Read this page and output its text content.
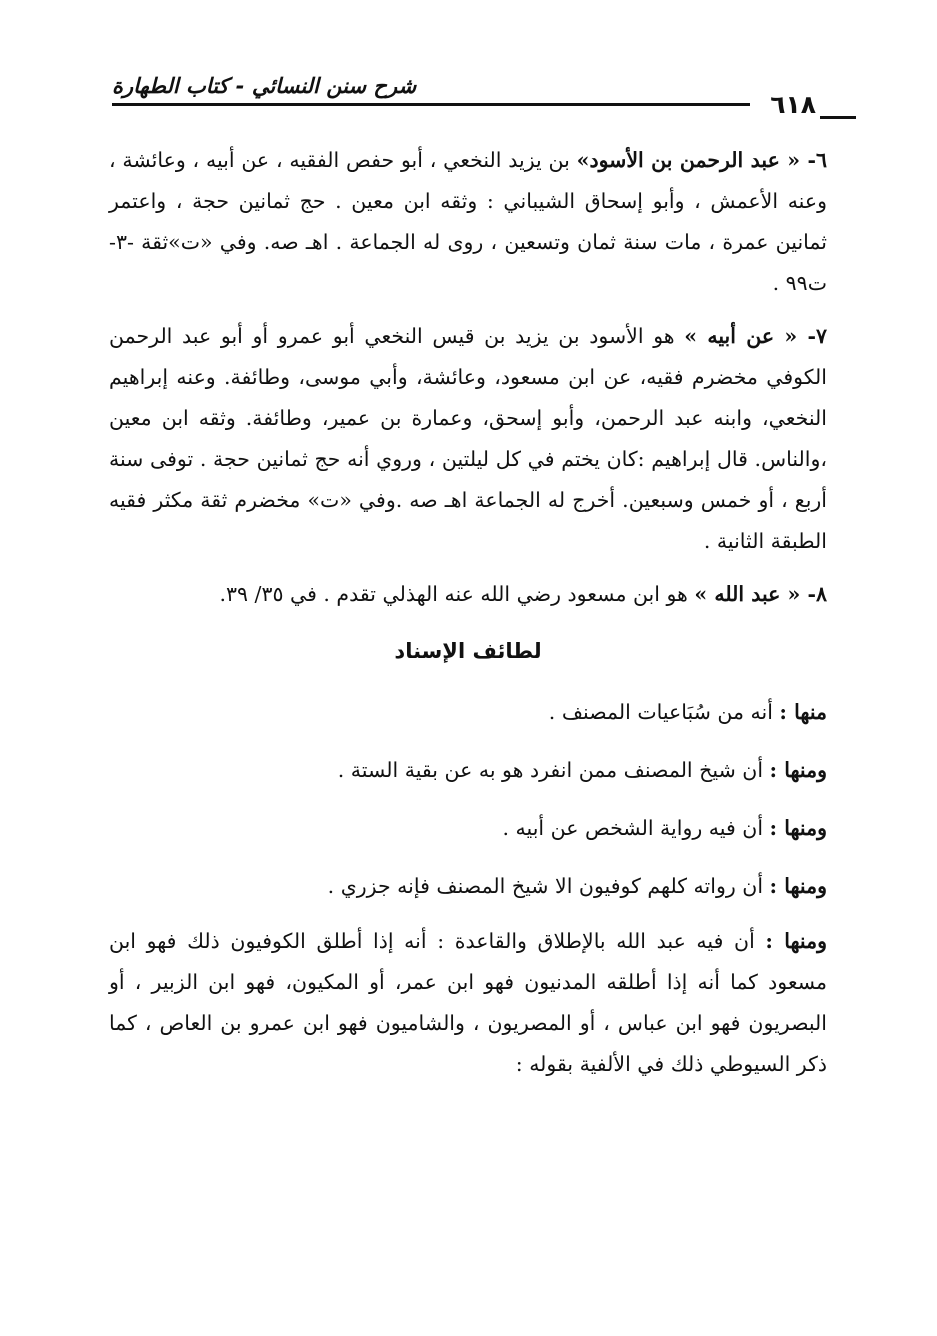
شرح سنن النسائي - كتاب الطهارة
٦١٨

٦- « عبد الرحمن بن الأسود» بن يزيد النخعي ، أبو حفص الفقيه ، عن أبيه ، وعائشة ، وعنه الأعمش ، وأبو إسحاق الشيباني : وثقه ابن معين . حج ثمانين حجة ، واعتمر ثمانين عمرة ، مات سنة ثمان وتسعين ، روى له الجماعة . اهـ صه. وفي «ت»ثقة -٣- ت٩٩ .

٧- « عن أبيه » هو الأسود بن يزيد بن قيس النخعي أبو عمرو أو أبو عبد الرحمن الكوفي مخضرم فقيه، عن ابن مسعود، وعائشة، وأبي موسى، وطائفة. وعنه إبراهيم النخعي، وابنه عبد الرحمن، وأبو إسحق، وعمارة بن عمير، وطائفة. وثقه ابن معين ،والناس. قال إبراهيم :كان يختم في كل ليلتين ، وروي أنه حج ثمانين حجة . توفى سنة أربع ، أو خمس وسبعين. أخرج له الجماعة اهـ صه .وفي «ت» مخضرم ثقة مكثر فقيه الطبقة الثانية .

٨- « عبد الله » هو ابن مسعود رضي الله عنه الهذلي تقدم . في ٣٥/ ٣٩.

لطائف الإسناد

منها : أنه من سُبَاعيات المصنف .

ومنها : أن شيخ المصنف ممن انفرد هو به عن بقية الستة .

ومنها : أن فيه رواية الشخص عن أبيه .

ومنها : أن رواته كلهم كوفيون الا شيخ المصنف فإنه جزري .

ومنها : أن فيه عبد الله بالإطلاق والقاعدة : أنه إذا أطلق الكوفيون ذلك فهو ابن مسعود كما أنه إذا أطلقه المدنيون فهو ابن عمر، أو المكيون، فهو ابن الزبير ، أو البصريون فهو ابن عباس ، أو المصريون ، والشاميون فهو ابن عمرو بن العاص ، كما ذكر السيوطي ذلك في الألفية بقوله :
